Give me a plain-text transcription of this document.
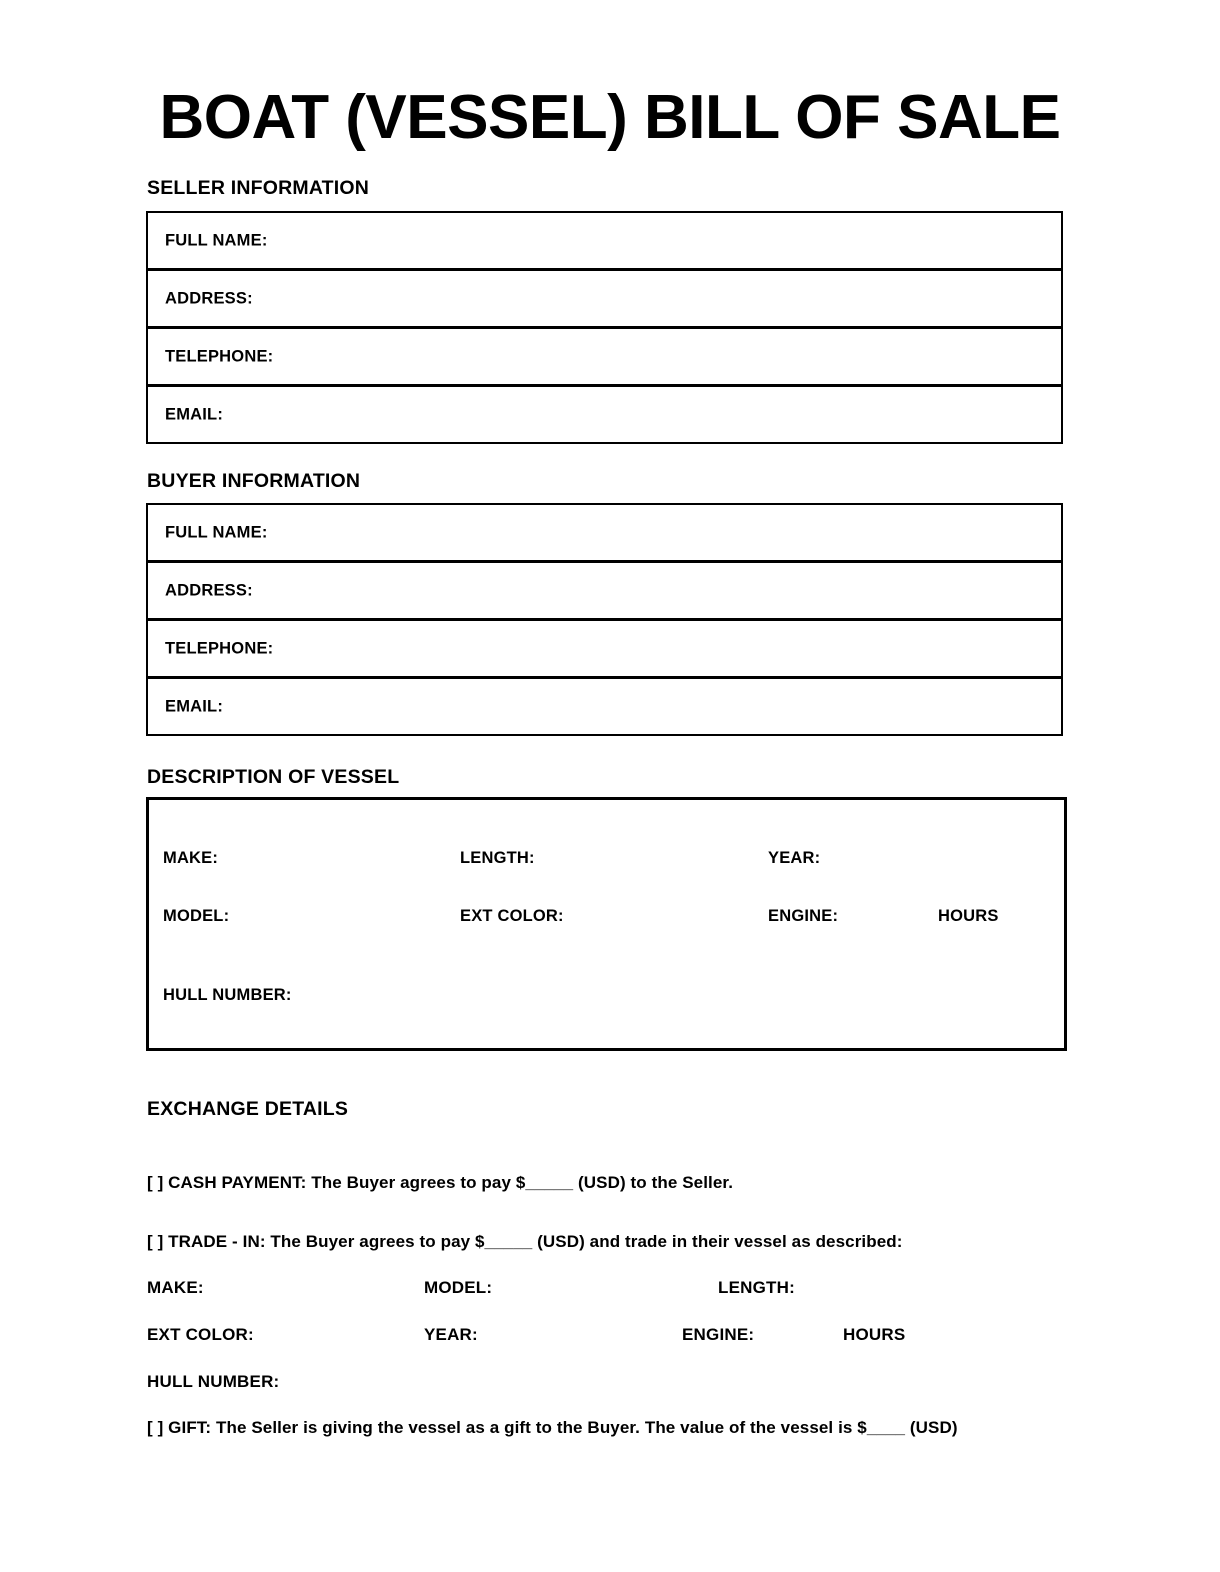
BOAT (VESSEL) BILL OF SALE
SELLER INFORMATION
FULL NAME:
ADDRESS:
TELEPHONE:
EMAIL:
BUYER INFORMATION
FULL NAME:
ADDRESS:
TELEPHONE:
EMAIL:
DESCRIPTION OF VESSEL
MAKE:	LENGTH:	YEAR:
MODEL:	EXT COLOR:	ENGINE:	HOURS
HULL NUMBER:
EXCHANGE DETAILS
[ ] CASH PAYMENT: The Buyer agrees to pay $_____ (USD) to the Seller.
[ ] TRADE - IN: The Buyer agrees to pay $_____ (USD) and trade in their vessel as described:
MAKE:	MODEL:	LENGTH:
EXT COLOR:	YEAR:	ENGINE:	HOURS
HULL NUMBER:
[ ] GIFT: The Seller is giving the vessel as a gift to the Buyer. The value of the vessel is $____ (USD)
